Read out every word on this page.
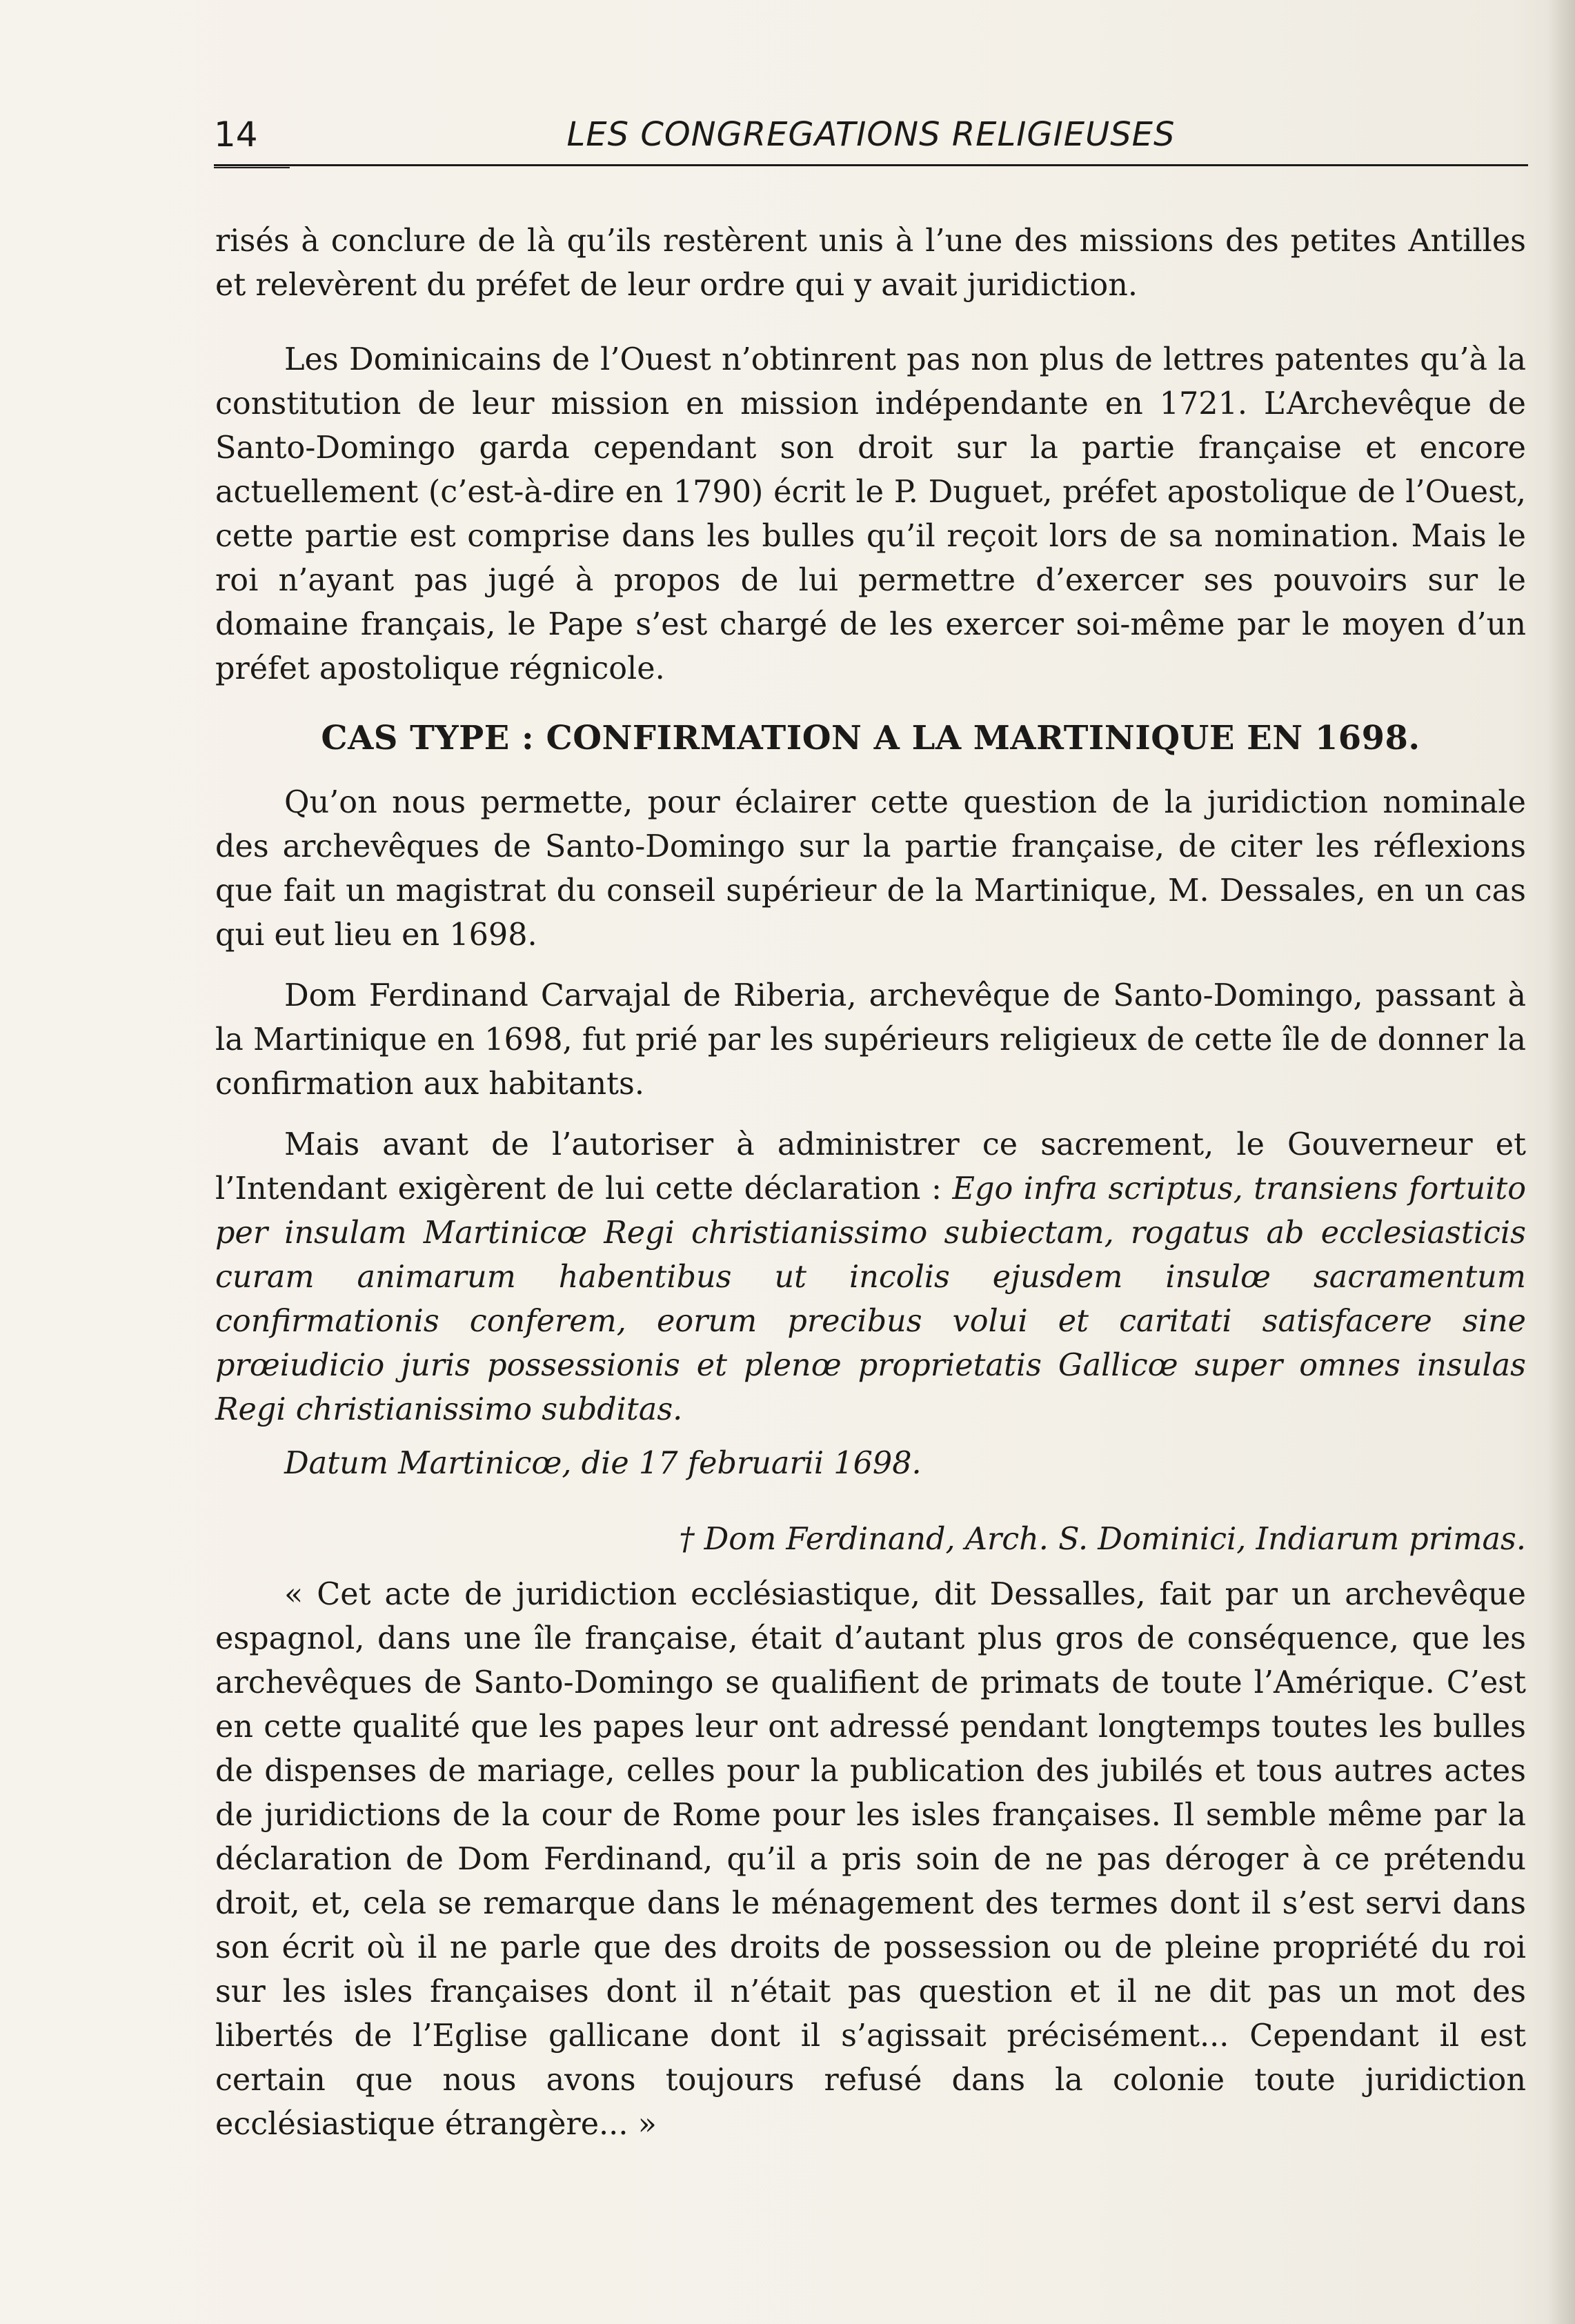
14	LES CONGREGATIONS RELIGIEUSES

risés à conclure de là qu’ils restèrent unis à l’une des missions des petites Antilles et relevèrent du préfet de leur ordre qui y avait juridiction.

Les Dominicains de l’Ouest n’obtinrent pas non plus de lettres patentes qu’à la constitution de leur mission en mission indépendante en 1721. L’Archevêque de Santo-Domingo garda cependant son droit sur la partie française et encore actuellement (c’est-à-dire en 1790) écrit le P. Duguet, préfet apostolique de l’Ouest, cette partie est comprise dans les bulles qu’il reçoit lors de sa nomination. Mais le roi n’ayant pas jugé à propos de lui permettre d’exercer ses pouvoirs sur le domaine français, le Pape s’est chargé de les exercer soi-même par le moyen d’un préfet apostolique régnicole.

CAS TYPE : CONFIRMATION A LA MARTINIQUE EN 1698.

Qu’on nous permette, pour éclairer cette question de la juridiction nominale des archevêques de Santo-Domingo sur la partie française, de citer les réflexions que fait un magistrat du conseil supérieur de la Martinique, M. Dessales, en un cas qui eut lieu en 1698.

Dom Ferdinand Carvajal de Riberia, archevêque de Santo-Domingo, passant à la Martinique en 1698, fut prié par les supérieurs religieux de cette île de donner la confirmation aux habitants.

Mais avant de l’autoriser à administrer ce sacrement, le Gouverneur et l’Intendant exigèrent de lui cette déclaration : Ego infra scriptus, transiens fortuito per insulam Martinicœ Regi christianissimo subiectam, rogatus ab ecclesiasticis curam animarum habentibus ut incolis ejusdem insulœ sacramentum confirmationis conferem, eorum precibus volui et caritati satisfacere sine prœiudicio juris possessionis et plenœ proprietatis Gallicœ super omnes insulas Regi christianissimo subditas.

Datum Martinicœ, die 17 februarii 1698.

† Dom Ferdinand, Arch. S. Dominici, Indiarum primas.

« Cet acte de juridiction ecclésiastique, dit Dessalles, fait par un archevêque espagnol, dans une île française, était d’autant plus gros de conséquence, que les archevêques de Santo-Domingo se qualifient de primats de toute l’Amérique. C’est en cette qualité que les papes leur ont adressé pendant longtemps toutes les bulles de dispenses de mariage, celles pour la publication des jubilés et tous autres actes de juridictions de la cour de Rome pour les isles françaises. Il semble même par la déclaration de Dom Ferdinand, qu’il a pris soin de ne pas déroger à ce prétendu droit, et, cela se remarque dans le ménagement des termes dont il s’est servi dans son écrit où il ne parle que des droits de possession ou de pleine propriété du roi sur les isles françaises dont il n’était pas question et il ne dit pas un mot des libertés de l’Eglise gallicane dont il s’agissait précisément... Cependant il est certain que nous avons toujours refusé dans la colonie toute juridiction ecclésiastique étrangère... »
